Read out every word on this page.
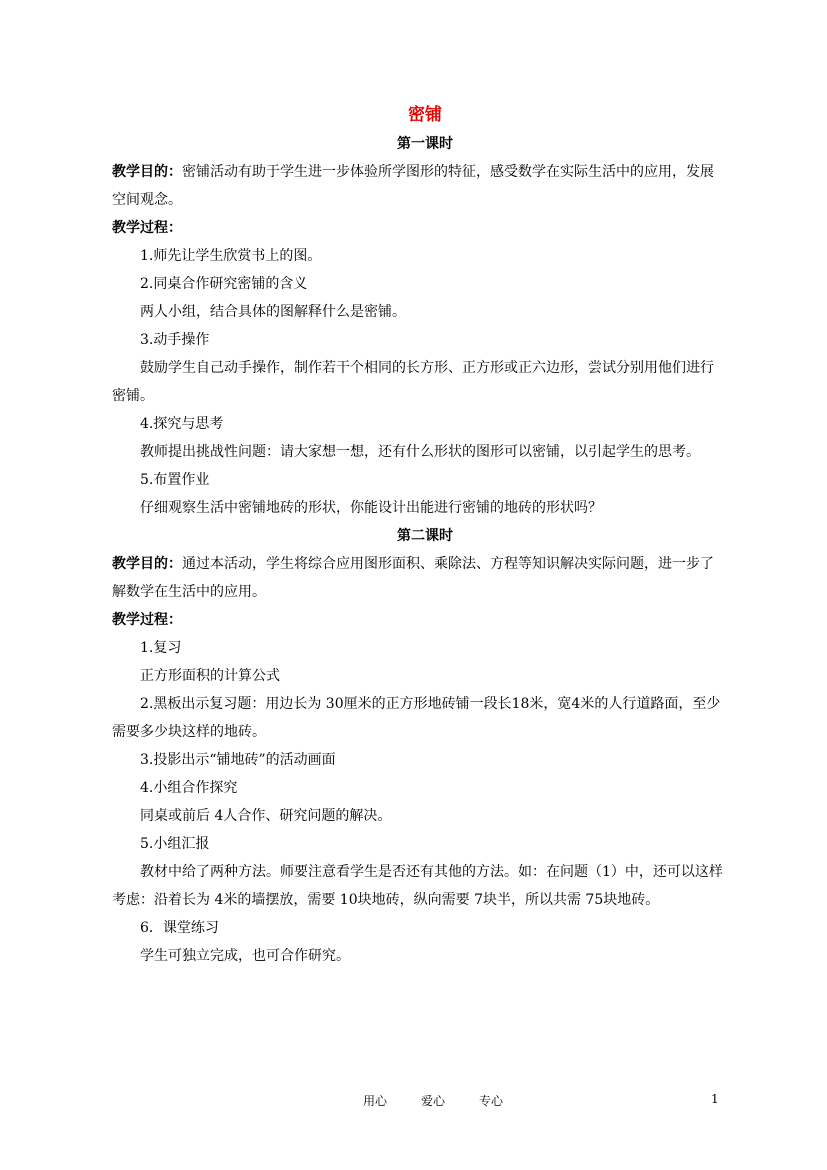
密铺
第一课时

教学目的：密铺活动有助于学生进一步体验所学图形的特征，感受数学在实际生活中的应用，发展空间观念。

教学过程：

1.师先让学生欣赏书上的图。

2.同桌合作研究密铺的含义

两人小组，结合具体的图解释什么是密铺。

3.动手操作

鼓励学生自己动手操作，制作若干个相同的长方形、正方形或正六边形，尝试分别用他们进行密铺。

4.探究与思考

教师提出挑战性问题：请大家想一想，还有什么形状的图形可以密铺，以引起学生的思考。

5.布置作业

仔细观察生活中密铺地砖的形状，你能设计出能进行密铺的地砖的形状吗？

第二课时

教学目的：通过本活动，学生将综合应用图形面积、乘除法、方程等知识解决实际问题，进一步了解数学在生活中的应用。

教学过程：

1.复习

正方形面积的计算公式

2.黑板出示复习题：用边长为 30厘米的正方形地砖铺一段长18米，宽4米的人行道路面，至少需要多少块这样的地砖。

3.投影出示“铺地砖”的活动画面

4.小组合作探究

同桌或前后 4人合作、研究问题的解决。

5.小组汇报

教材中给了两种方法。师要注意看学生是否还有其他的方法。如：在问题（1）中，还可以这样考虑：沿着长为 4米的墙摆放，需要 10块地砖，纵向需要 7块半，所以共需 75块地砖。

6．课堂练习

学生可独立完成，也可合作研究。

用心	爱心	专心	1
